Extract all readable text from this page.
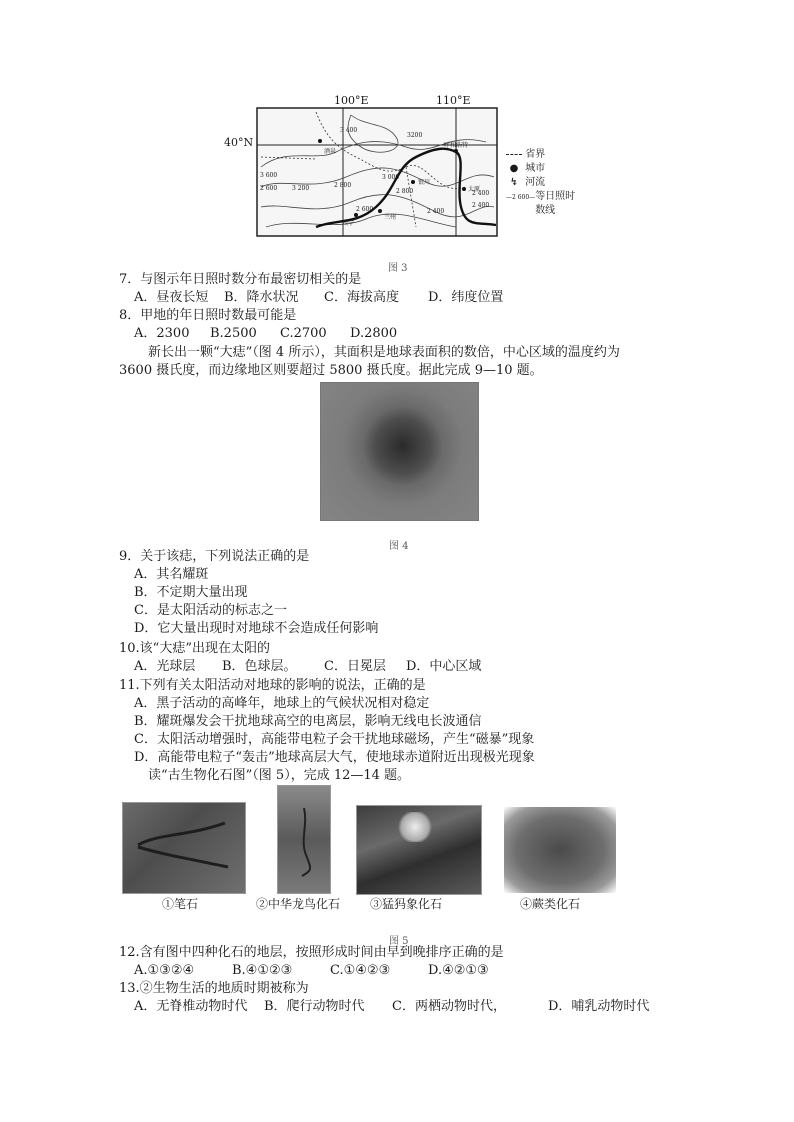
100°E	110°E
40°N
3 400
3200
3 600
3 200
2 600	2 800
3 000
2 800
2 600
2 400
2 400
2 400
酒泉
呼和浩特
银川
太原
兰州
西宁
省界
● 城市
↯ 河流
—2 600—等日照时数线
图 3
7．与图示年日照时数分布最密切相关的是
A．昼夜长短 B．降水状况 C．海拔高度 D．纬度位置
8．甲地的年日照时数最可能是
A．2300 B.2500 C.2700 D.2800
新长出一颗“大痣”（图 4 所示），其面积是地球表面积的数倍，中心区域的温度约为
3600 摄氏度，而边缘地区则要超过 5800 摄氏度。据此完成 9—10 题。
图 4
9．关于该痣，下列说法正确的是
A．其名耀斑
B．不定期大量出现
C．是太阳活动的标志之一
D．它大量出现时对地球不会造成任何影响
10.该“大痣”出现在太阳的
A．光球层 B．色球层。 C．日冕层 D．中心区域
11.下列有关太阳活动对地球的影响的说法，正确的是
A．黑子活动的高峰年，地球上的气候状况相对稳定
B．耀斑爆发会干扰地球高空的电离层，影响无线电长波通信
C．太阳活动增强时，高能带电粒子会干扰地球磁场，产生“磁暴”现象
D．高能带电粒子“轰击”地球高层大气，使地球赤道附近出现极光现象
读“古生物化石图”（图 5），完成 12—14 题。
①笔石	②中华龙鸟化石 ③猛犸象化石	④蕨类化石
图 5
12.含有图中四种化石的地层，按照形成时间由早到晚排序正确的是
A.①③②④	B.④①②③	C.①④②③	D.④②①③
13.②生物生活的地质时期被称为
A．无脊椎动物时代 B．爬行动物时代 C．两栖动物时代，	D．哺乳动物时代
